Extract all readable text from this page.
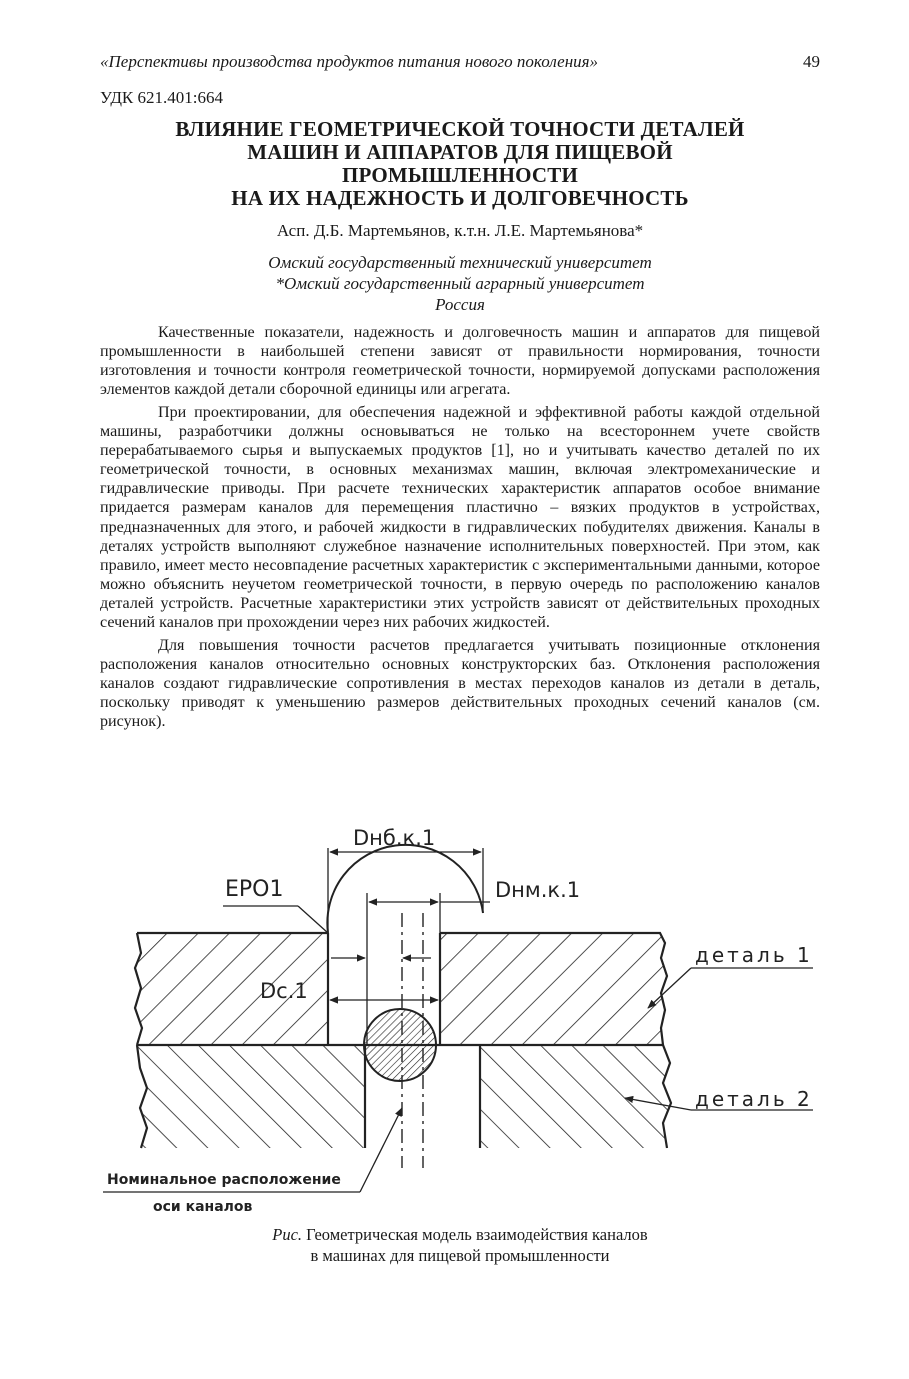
«Перспективы производства продуктов питания нового поколения»	49
УДК 621.401:664
ВЛИЯНИЕ ГЕОМЕТРИЧЕСКОЙ ТОЧНОСТИ ДЕТАЛЕЙ
МАШИН И АППАРАТОВ ДЛЯ ПИЩЕВОЙ
ПРОМЫШЛЕННОСТИ
НА ИХ НАДЕЖНОСТЬ И ДОЛГОВЕЧНОСТЬ
Асп. Д.Б. Мартемьянов, к.т.н. Л.Е. Мартемьянова*
Омский государственный технический университет
*Омский государственный аграрный университет
Россия

Качественные показатели, надежность и долговечность машин и аппаратов для пищевой промышленности в наибольшей степени зависят от правильности нормирования, точности изготовления и точности контроля геометрической точности, нормируемой допусками расположения элементов каждой детали сборочной единицы или агрегата.

При проектировании, для обеспечения надежной и эффективной работы каждой отдельной машины, разработчики должны основываться не только на всестороннем учете свойств перерабатываемого сырья и выпускаемых продуктов [1], но и учитывать качество деталей по их геометрической точности, в основных механизмах машин, включая электромеханические и гидравлические приводы. При расчете технических характеристик аппаратов особое внимание придается размерам каналов для перемещения пластично – вязких продуктов в устройствах, предназначенных для этого, и рабочей жидкости в гидравлических побудителях движения. Каналы в деталях устройств выполняют служебное назначение исполнительных поверхностей. При этом, как правило, имеет место несовпадение расчетных характеристик с экспериментальными данными, которое можно объяснить неучетом геометрической точности, в первую очередь по расположению каналов деталей устройств. Расчетные характеристики этих устройств зависят от действительных проходных сечений каналов при прохождении через них рабочих жидкостей.

Для повышения точности расчетов предлагается учитывать позиционные отклонения расположения каналов относительно основных конструкторских баз. Отклонения расположения каналов создают гидравлические сопротивления в местах переходов каналов из детали в деталь, поскольку приводят к уменьшению размеров действительных проходных сечений каналов (см. рисунок).

Dнб.к.1
Dнм.к.1
EPO1
Dc.1
деталь 1
деталь 2
Номинальное расположение
оси каналов
Рис. Геометрическая модель взаимодействия каналов
в машинах для пищевой промышленности
